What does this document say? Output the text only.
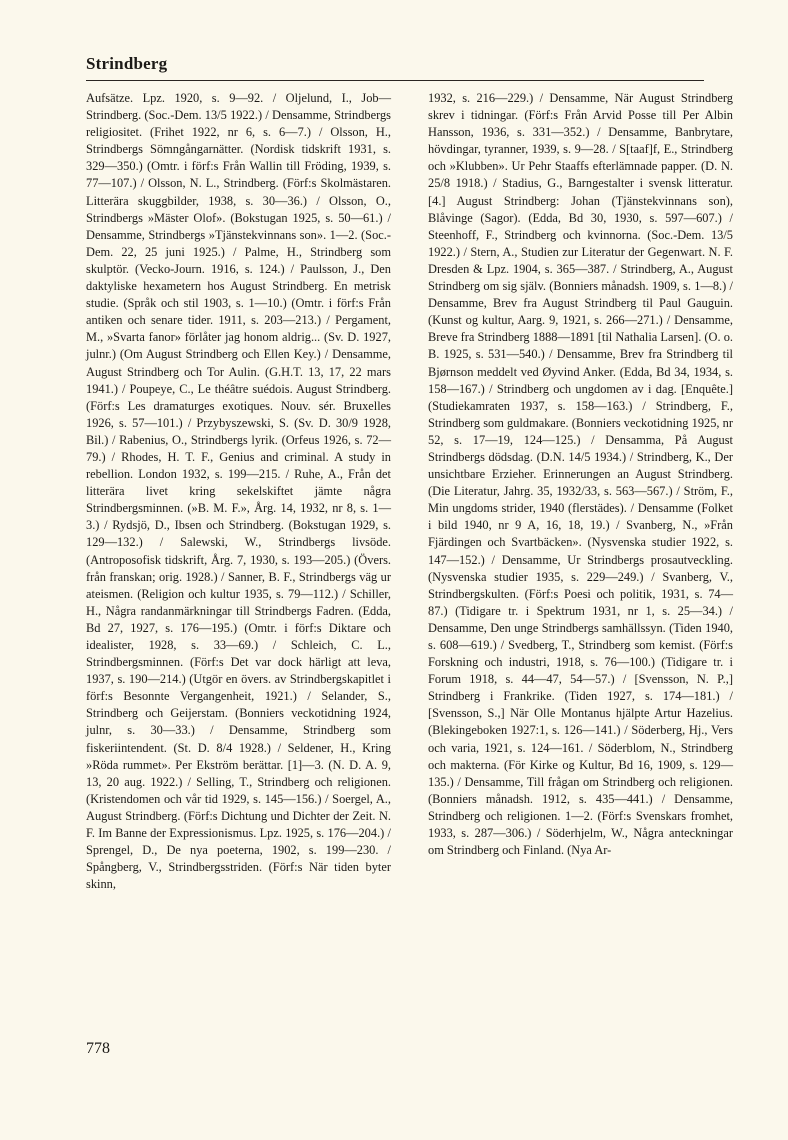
Strindberg

Aufsätze. Lpz. 1920, s. 9—92. / Oljelund, I., Job—Strindberg. (Soc.-Dem. 13/5 1922.) / Densamme, Strindbergs religiositet. (Frihet 1922, nr 6, s. 6—7.) / Olsson, H., Strindbergs Sömngångarnätter. (Nordisk tidskrift 1931, s. 329—350.) (Omtr. i förf:s Från Wallin till Fröding, 1939, s. 77—107.) / Olsson, N. L., Strindberg. (Förf:s Skolmästaren. Litterära skuggbilder, 1938, s. 30—36.) / Olsson, O., Strindbergs »Mäster Olof». (Bokstugan 1925, s. 50—61.) / Densamme, Strindbergs »Tjänstekvinnans son». 1—2. (Soc.-Dem. 22, 25 juni 1925.) / Palme, H., Strindberg som skulptör. (Vecko-Journ. 1916, s. 124.) / Paulsson, J., Den daktyliske hexametern hos August Strindberg. En metrisk studie. (Språk och stil 1903, s. 1—10.) (Omtr. i förf:s Från antiken och senare tider. 1911, s. 203—213.) / Pergament, M., »Svarta fanor» förlåter jag honom aldrig... (Sv. D. 1927, julnr.) (Om August Strindberg och Ellen Key.) / Densamme, August Strindberg och Tor Aulin. (G.H.T. 13, 17, 22 mars 1941.) / Poupeye, C., Le théâtre suédois. August Strindberg. (Förf:s Les dramaturges exotiques. Nouv. sér. Bruxelles 1926, s. 57—101.) / Przybyszewski, S. (Sv. D. 30/9 1928, Bil.) / Rabenius, O., Strindbergs lyrik. (Orfeus 1926, s. 72—79.) / Rhodes, H. T. F., Genius and criminal. A study in rebellion. London 1932, s. 199—215. / Ruhe, A., Från det litterära livet kring sekelskiftet jämte några Strindbergsminnen. (»B. M. F.», Årg. 14, 1932, nr 8, s. 1—3.) / Rydsjö, D., Ibsen och Strindberg. (Bokstugan 1929, s. 129—132.) / Salewski, W., Strindbergs livsöde. (Antroposofisk tidskrift, Årg. 7, 1930, s. 193—205.) (Övers. från franskan; orig. 1928.) / Sanner, B. F., Strindbergs väg ur ateismen. (Religion och kultur 1935, s. 79—112.) / Schiller, H., Några randanmärkningar till Strindbergs Fadren. (Edda, Bd 27, 1927, s. 176—195.) (Omtr. i förf:s Diktare och idealister, 1928, s. 33—69.) / Schleich, C. L., Strindbergsminnen. (Förf:s Det var dock härligt att leva, 1937, s. 190—214.) (Utgör en övers. av Strindbergskapitlet i förf:s Besonnte Vergangenheit, 1921.) / Selander, S., Strindberg och Geijerstam. (Bonniers veckotidning 1924, julnr, s. 30—33.) / Densamme, Strindberg som fiskeriintendent. (St. D. 8/4 1928.) / Seldener, H., Kring »Röda rummet». Per Ekström berättar. [1]—3. (N. D. A. 9, 13, 20 aug. 1922.) / Selling, T., Strindberg och religionen. (Kristendomen och vår tid 1929, s. 145—156.) / Soergel, A., August Strindberg. (Förf:s Dichtung und Dichter der Zeit. N. F. Im Banne der Expressionismus. Lpz. 1925, s. 176—204.) / Sprengel, D., De nya poeterna, 1902, s. 199—230. / Spångberg, V., Strindbergsstriden. (Förf:s När tiden byter skinn,

1932, s. 216—229.) / Densamme, När August Strindberg skrev i tidningar. (Förf:s Från Arvid Posse till Per Albin Hansson, 1936, s. 331—352.) / Densamme, Banbrytare, hövdingar, tyranner, 1939, s. 9—28. / S[taaf]f, E., Strindberg och »Klubben». Ur Pehr Staaffs efterlämnade papper. (D. N. 25/8 1918.) / Stadius, G., Barngestalter i svensk litteratur. [4.] August Strindberg: Johan (Tjänstekvinnans son), Blåvinge (Sagor). (Edda, Bd 30, 1930, s. 597—607.) / Steenhoff, F., Strindberg och kvinnorna. (Soc.-Dem. 13/5 1922.) / Stern, A., Studien zur Literatur der Gegenwart. N. F. Dresden & Lpz. 1904, s. 365—387. / Strindberg, A., August Strindberg om sig själv. (Bonniers månadsh. 1909, s. 1—8.) / Densamme, Brev fra August Strindberg til Paul Gauguin. (Kunst og kultur, Aarg. 9, 1921, s. 266—271.) / Densamme, Breve fra Strindberg 1888—1891 [til Nathalia Larsen]. (O. o. B. 1925, s. 531—540.) / Densamme, Brev fra Strindberg til Bjørnson meddelt ved Øyvind Anker. (Edda, Bd 34, 1934, s. 158—167.) / Strindberg och ungdomen av i dag. [Enquête.] (Studiekamraten 1937, s. 158—163.) / Strindberg, F., Strindberg som guldmakare. (Bonniers veckotidning 1925, nr 52, s. 17—19, 124—125.) / Densamma, På August Strindbergs dödsdag. (D.N. 14/5 1934.) / Strindberg, K., Der unsichtbare Erzieher. Erinnerungen an August Strindberg. (Die Literatur, Jahrg. 35, 1932/33, s. 563—567.) / Ström, F., Min ungdoms strider, 1940 (flerstädes). / Densamme (Folket i bild 1940, nr 9 A, 16, 18, 19.) / Svanberg, N., »Från Fjärdingen och Svartbäcken». (Nysvenska studier 1922, s. 147—152.) / Densamme, Ur Strindbergs prosautveckling. (Nysvenska studier 1935, s. 229—249.) / Svanberg, V., Strindbergskulten. (Förf:s Poesi och politik, 1931, s. 74—87.) (Tidigare tr. i Spektrum 1931, nr 1, s. 25—34.) / Densamme, Den unge Strindbergs samhällssyn. (Tiden 1940, s. 608—619.) / Svedberg, T., Strindberg som kemist. (Förf:s Forskning och industri, 1918, s. 76—100.) (Tidigare tr. i Forum 1918, s. 44—47, 54—57.) / [Svensson, N. P.,] Strindberg i Frankrike. (Tiden 1927, s. 174—181.) / [Svensson, S.,] När Olle Montanus hjälpte Artur Hazelius. (Blekingeboken 1927:1, s. 126—141.) / Söderberg, Hj., Vers och varia, 1921, s. 124—161. / Söderblom, N., Strindberg och makterna. (För Kirke og Kultur, Bd 16, 1909, s. 129—135.) / Densamme, Till frågan om Strindberg och religionen. (Bonniers månadsh. 1912, s. 435—441.) / Densamme, Strindberg och religionen. 1—2. (Förf:s Svenskars fromhet, 1933, s. 287—306.) / Söderhjelm, W., Några anteckningar om Strindberg och Finland. (Nya Ar-

778
